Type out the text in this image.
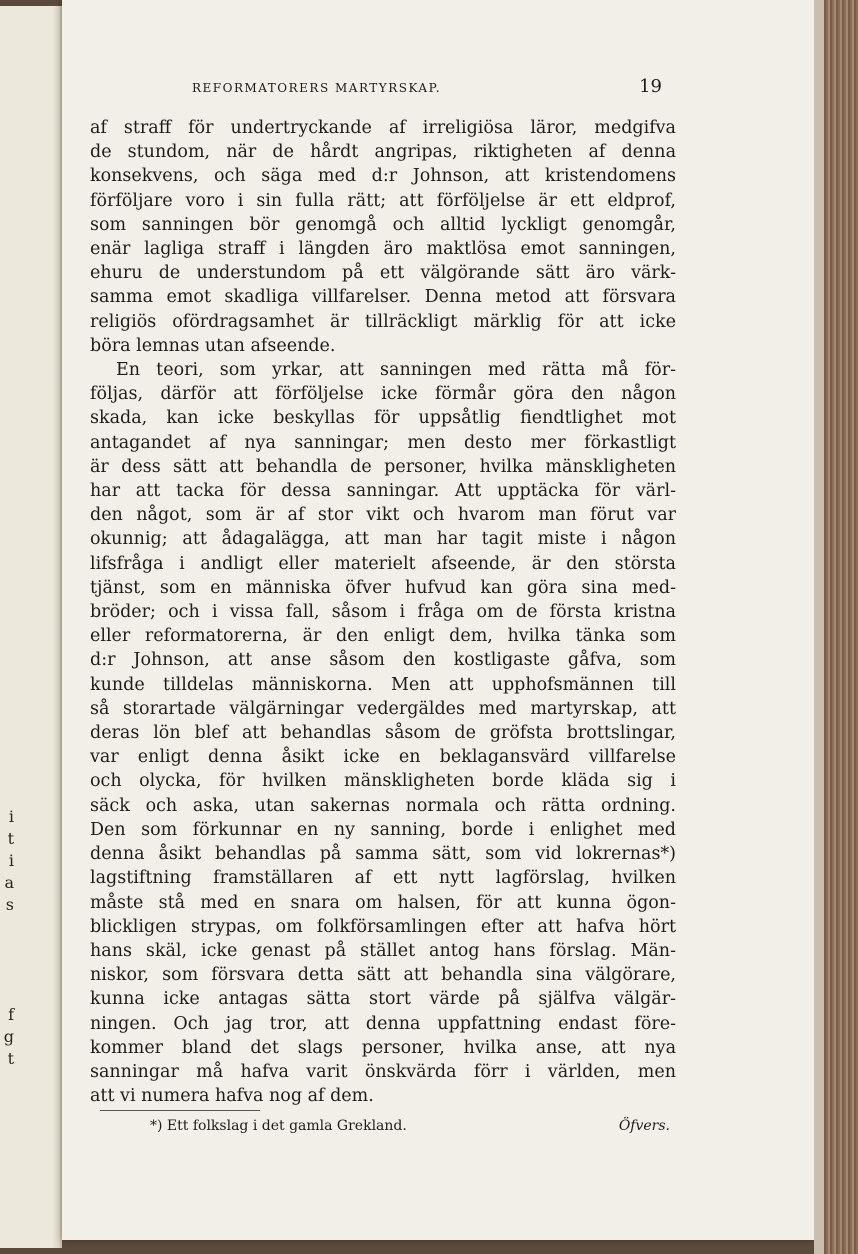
i
t
i
a
s

f
g
t
REFORMATORERS MARTYRSKAP.	19
af straff för undertryckande af irreligiösa läror, medgifva
de stundom, när de hårdt angripas, riktigheten af denna
konsekvens, och säga med d:r Johnson, att kristendomens
förföljare voro i sin fulla rätt; att förföljelse är ett eldprof,
som sanningen bör genomgå och alltid lyckligt genomgår,
enär lagliga straff i längden äro maktlösa emot sanningen,
ehuru de understundom på ett välgörande sätt äro värk-
samma emot skadliga villfarelser. Denna metod att försvara
religiös ofördragsamhet är tillräckligt märklig för att icke
böra lemnas utan afseende.
En teori, som yrkar, att sanningen med rätta må för-
följas, därför att förföljelse icke förmår göra den någon
skada, kan icke beskyllas för uppsåtlig fiendtlighet mot
antagandet af nya sanningar; men desto mer förkastligt
är dess sätt att behandla de personer, hvilka mänskligheten
har att tacka för dessa sanningar. Att upptäcka för värl-
den något, som är af stor vikt och hvarom man förut var
okunnig; att ådagalägga, att man har tagit miste i någon
lifsfråga i andligt eller materielt afseende, är den största
tjänst, som en människa öfver hufvud kan göra sina med-
bröder; och i vissa fall, såsom i fråga om de första kristna
eller reformatorerna, är den enligt dem, hvilka tänka som
d:r Johnson, att anse såsom den kostligaste gåfva, som
kunde tilldelas människorna. Men att upphofsmännen till
så storartade välgärningar vedergäldes med martyrskap, att
deras lön blef att behandlas såsom de gröfsta brottslingar,
var enligt denna åsikt icke en beklagansvärd villfarelse
och olycka, för hvilken mänskligheten borde kläda sig i
säck och aska, utan sakernas normala och rätta ordning.
Den som förkunnar en ny sanning, borde i enlighet med
denna åsikt behandlas på samma sätt, som vid lokrernas*)
lagstiftning framställaren af ett nytt lagförslag, hvilken
måste stå med en snara om halsen, för att kunna ögon-
blickligen strypas, om folkförsamlingen efter att hafva hört
hans skäl, icke genast på stället antog hans förslag. Män-
niskor, som försvara detta sätt att behandla sina välgörare,
kunna icke antagas sätta stort värde på själfva välgär-
ningen. Och jag tror, att denna uppfattning endast före-
kommer bland det slags personer, hvilka anse, att nya
sanningar må hafva varit önskvärda förr i världen, men
att vi numera hafva nog af dem.
*) Ett folkslag i det gamla Grekland.	Öfvers.
